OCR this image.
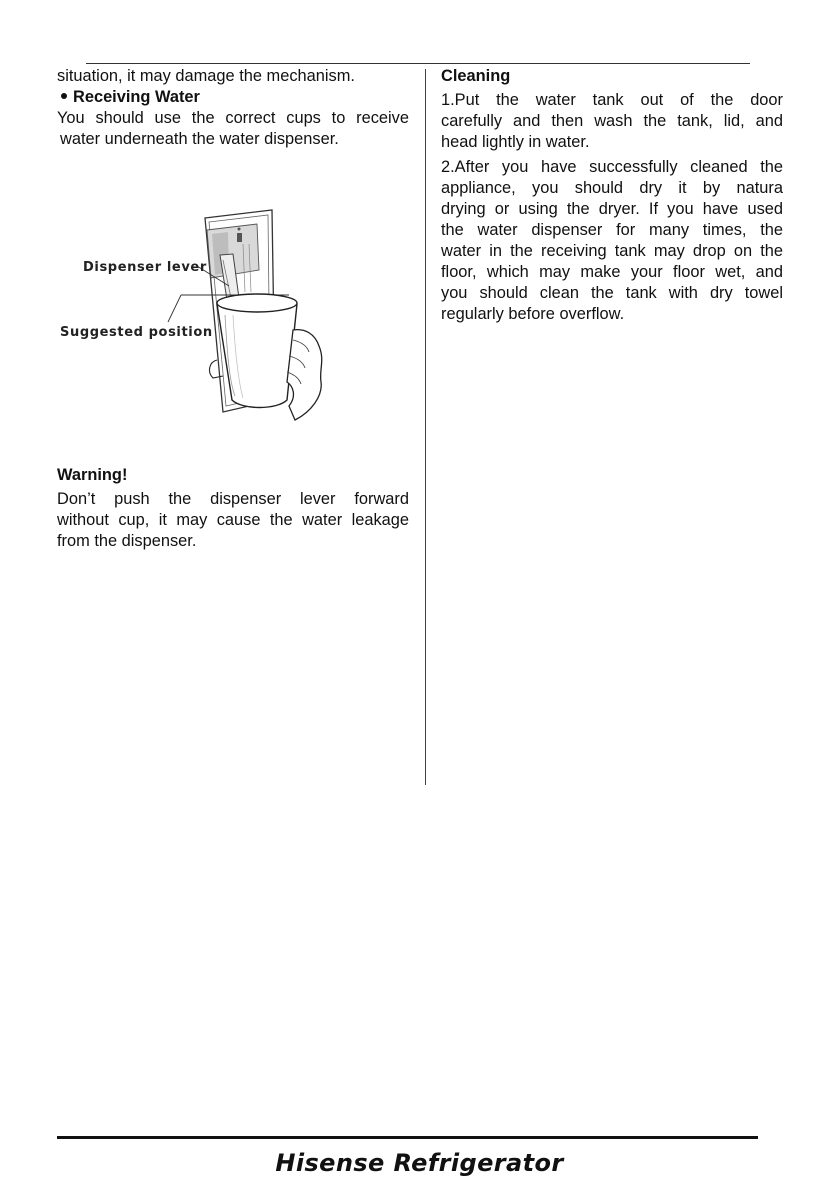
situation, it may damage the mechanism.

Receiving Water

You should use the correct cups to receive

water underneath the water dispenser.

Dispenser lever
Suggested position
Warning!

Don’t push the dispenser lever forward

without cup, it may cause the water leakage

from the dispenser.

Cleaning

1.Put the water tank out of the door

carefully and then wash the tank, lid, and

head lightly in water.

2.After you have successfully cleaned the

appliance, you should dry it by natura

drying or using the dryer. If you have used

the water dispenser for many times, the

water in the receiving tank may drop on the

floor, which may make your floor wet, and

you should clean the tank with dry towel

regularly before overflow.

Hisense Refrigerator
